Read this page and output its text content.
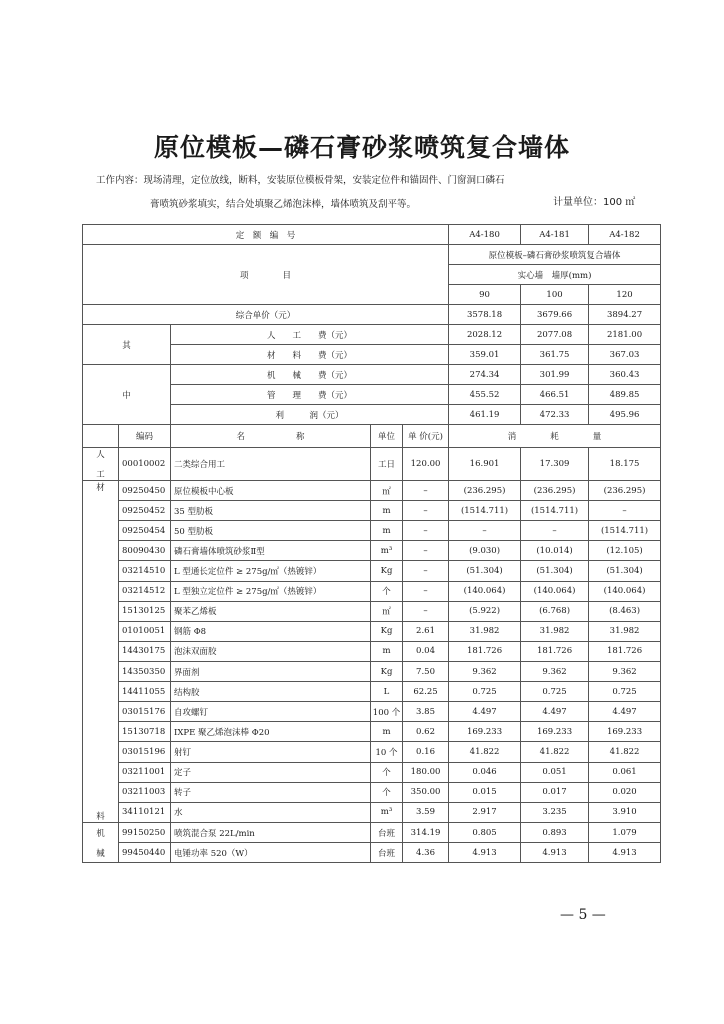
原位模板—磷石膏砂浆喷筑复合墙体
工作内容：现场清理，定位放线，断料，安装原位模板骨架，安装定位件和锚固件、门窗洞口磷石
膏喷筑砂浆填实，结合处填聚乙烯泡沫棒，墙体喷筑及刮平等。	计量单位：100 ㎡
定　额　编　号					A4-180	A4-181	A4-182
项　　　　目					原位模板–磷石膏砂浆喷筑复合墙体		
					实心墙　墙厚(mm)		
					90	100	120
综合单价（元）					3578.18	3679.66	3894.27
其		人　　工　　费（元）			2028.12	2077.08	2181.00
		材　　料　　费（元）			359.01	361.75	367.03
中		机　　械　　费（元）			274.34	301.99	360.43
		管　　理　　费（元）			455.52	466.51	489.85
		利　　　润（元）			461.19	472.33	495.96
	编码	名　　　　　　称	单位	单 价(元)	消　　　　耗　　　　量		

人
工	00010002	二类综合用工	工日	120.00	16.901	17.309	18.175

材
料	09250450	原位模板中心板	㎡	–	(236.295)	(236.295)	(236.295)
	09250452	35 型肋板	m	–	(1514.711)	(1514.711)	–
	09250454	50 型肋板	m	–	–	–	(1514.711)
	80090430	磷石膏墙体喷筑砂浆Ⅱ型	m³	–	(9.030)	(10.014)	(12.105)
	03214510	L 型通长定位件 ≥ 275g/㎡（热镀锌）	Kg	–	(51.304)	(51.304)	(51.304)
	03214512	L 型独立定位件 ≥ 275g/㎡（热镀锌）	个	–	(140.064)	(140.064)	(140.064)
	15130125	聚苯乙烯板	㎡	–	(5.922)	(6.768)	(8.463)
	01010051	钢筋 Φ8	Kg	2.61	31.982	31.982	31.982
	14430175	泡沫双面胶	m	0.04	181.726	181.726	181.726
	14350350	界面剂	Kg	7.50	9.362	9.362	9.362
	14411055	结构胶	L	62.25	0.725	0.725	0.725
	03015176	自攻螺钉	100 个	3.85	4.497	4.497	4.497
	15130718	IXPE 聚乙烯泡沫棒 Φ20	m	0.62	169.233	169.233	169.233
	03015196	射钉	10 个	0.16	41.822	41.822	41.822
	03211001	定子	个	180.00	0.046	0.051	0.061
	03211003	转子	个	350.00	0.015	0.017	0.020
	34110121	水	m³	3.59	2.917	3.235	3.910

机
械	99150250	喷筑混合泵 22L/min	台班	314.19	0.805	0.893	1.079
	99450440	电锤功率 520（W）	台班	4.36	4.913	4.913	4.913
— 5 —
